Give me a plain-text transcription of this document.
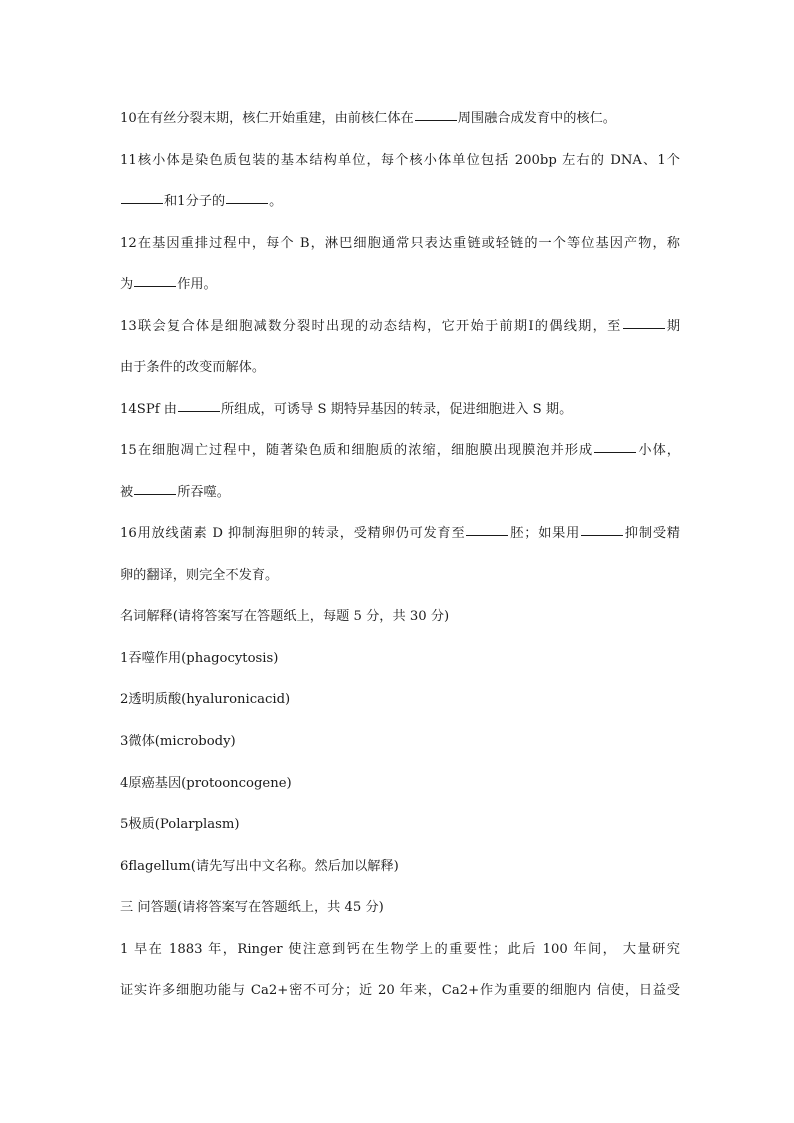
10在有丝分裂末期，核仁开始重建，由前核仁体在	周围融合成发育中的核仁。
11核小体是染色质包装的基本结构单位，每个核小体单位包括 200bp 左右的 DNA、1个
和1分子的	。
12在基因重排过程中，每个 B，淋巴细胞通常只表达重链或轻链的一个等位基因产物，称
为	作用。
13联会复合体是细胞减数分裂时出现的动态结构，它开始于前期Ⅰ的偶线期，至	期
由于条件的改变而解体。
14SPf 由	所组成，可诱导 S 期特异基因的转录，促进细胞进入 S 期。
15在细胞凋亡过程中，随著染色质和细胞质的浓缩，细胞膜出现膜泡并形成	小体，
被	所吞噬。
16用放线菌素 D 抑制海胆卵的转录，受精卵仍可发育至	胚；如果用	抑制受精
卵的翻译，则完全不发育。
名词解释(请将答案写在答题纸上，每题 5 分，共 30 分)
1吞噬作用(phagocytosis)
2透明质酸(hyaluronicacid)
3微体(microbody)
4原癌基因(protooncogene)
5极质(Polarplasm)
6flagellum(请先写出中文名称。然后加以解释)
三 问答题(请将答案写在答题纸上，共 45 分)
1 早在 1883 年，Ringer 使注意到钙在生物学上的重要性；此后 100 年间， 大量研究
证实许多细胞功能与 Ca2+密不可分；近 20 年来，Ca2+作为重要的细胞内 信使，日益受
